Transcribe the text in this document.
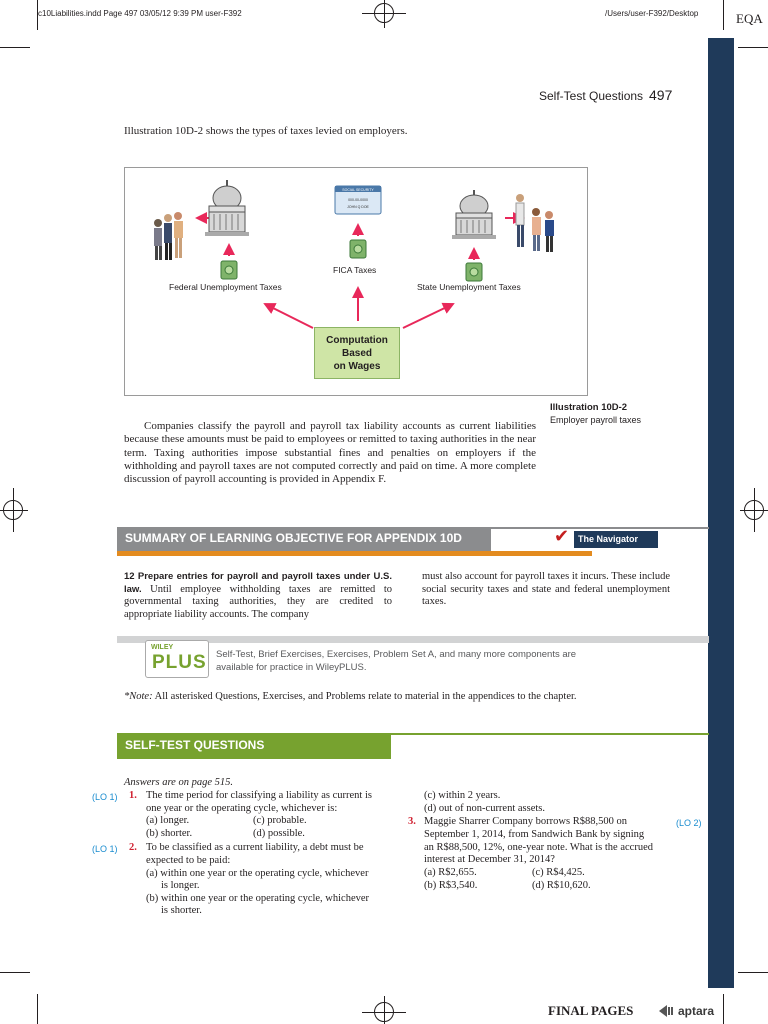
c10Liabilities.indd Page 497 03/05/12 9:39 PM user-F392	/Users/user-F392/Desktop	EQA
Self-Test Questions 497
Illustration 10D-2 shows the types of taxes levied on employers.
SOCIAL SECURITY
000-00-0000
JOHN Q DOE
Federal Unemployment Taxes
FICA Taxes
State Unemployment Taxes
Computation
Based
on Wages
Illustration 10D-2
Employer payroll taxes
Companies classify the payroll and payroll tax liability accounts as current liabilities because these amounts must be paid to employees or remitted to taxing authorities in the near term. Taxing authorities impose substantial fines and penalties on employers if the withholding and payroll taxes are not computed correctly and paid on time. A more complete discussion of payroll accounting is provided in Appendix F.
SUMMARY OF LEARNING OBJECTIVE FOR APPENDIX 10D	✔ The Navigator
12 Prepare entries for payroll and payroll taxes under U.S. law. Until employee withholding taxes are remitted to governmental taxing authorities, they are credited to appropriate liability accounts. The company
must also account for payroll taxes it incurs. These include social security taxes and state and federal unemployment taxes.
WILEY
PLUS Self-Test, Brief Exercises, Exercises, Problem Set A, and many more components are
available for practice in WileyPLUS.
*Note: All asterisked Questions, Exercises, and Problems relate to material in the appendices to the chapter.
SELF-TEST QUESTIONS
Answers are on page 515.
(LO 1) 1. The time period for classifying a liability as current is
one year or the operating cycle, whichever is:
(a) longer.	(c) probable.
(b) shorter.	(d) possible.
(LO 1) 2. To be classified as a current liability, a debt must be
expected to be paid:
(a) within one year or the operating cycle, whichever
is longer.
(b) within one year or the operating cycle, whichever
is shorter.
(c) within 2 years.
(d) out of non-current assets.
3. Maggie Sharrer Company borrows R$88,500 on	(LO 2)
September 1, 2014, from Sandwich Bank by signing
an R$88,500, 12%, one-year note. What is the accrued
interest at December 31, 2014?
(a) R$2,655.	(c) R$4,425.
(b) R$3,540.	(d) R$10,620.
FINAL PAGES	aptara
